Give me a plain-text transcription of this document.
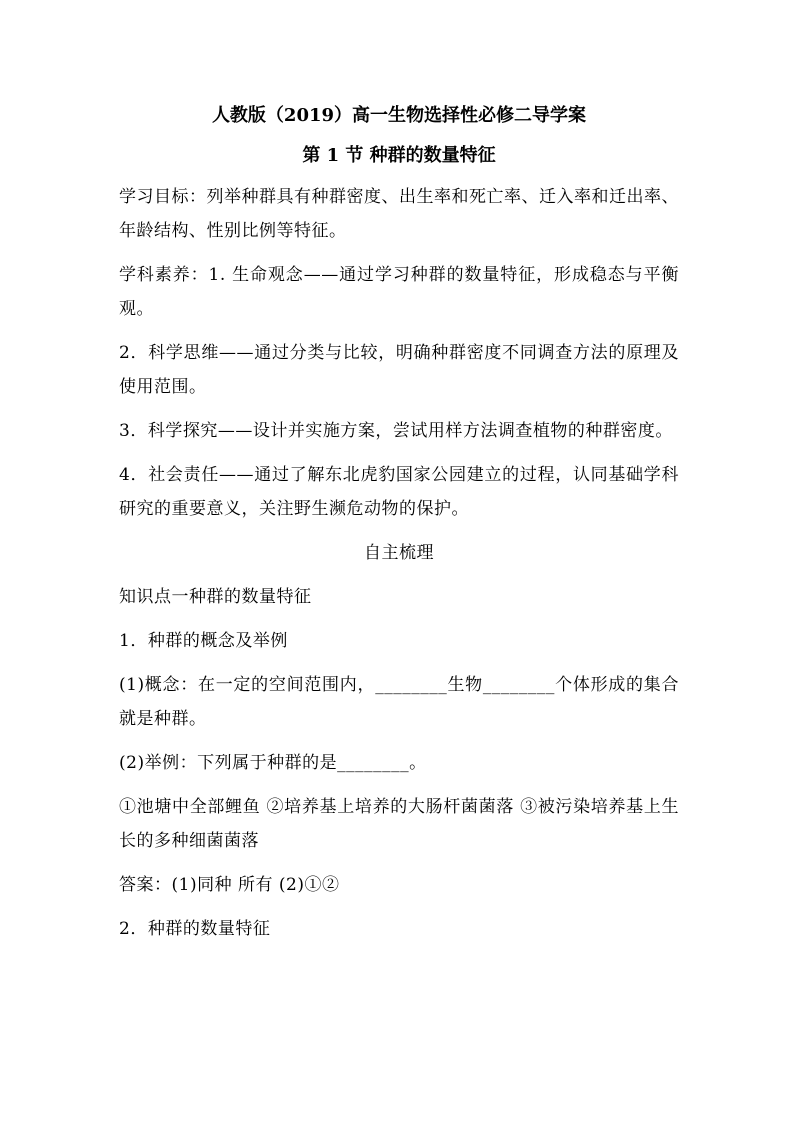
人教版（2019）高一生物选择性必修二导学案

第 1 节 种群的数量特征

学习目标：列举种群具有种群密度、出生率和死亡率、迁入率和迁出率、年龄结构、性别比例等特征。

学科素养：1. 生命观念——通过学习种群的数量特征，形成稳态与平衡观。

2．科学思维——通过分类与比较，明确种群密度不同调查方法的原理及使用范围。

3．科学探究——设计并实施方案，尝试用样方法调查植物的种群密度。

4．社会责任——通过了解东北虎豹国家公园建立的过程，认同基础学科研究的重要意义，关注野生濒危动物的保护。

自主梳理

知识点一种群的数量特征

1．种群的概念及举例

(1)概念：在一定的空间范围内，________生物________个体形成的集合就是种群。

(2)举例：下列属于种群的是________。

①池塘中全部鲤鱼 ②培养基上培养的大肠杆菌菌落 ③被污染培养基上生长的多种细菌菌落

答案：(1)同种 所有 (2)①②

2．种群的数量特征
